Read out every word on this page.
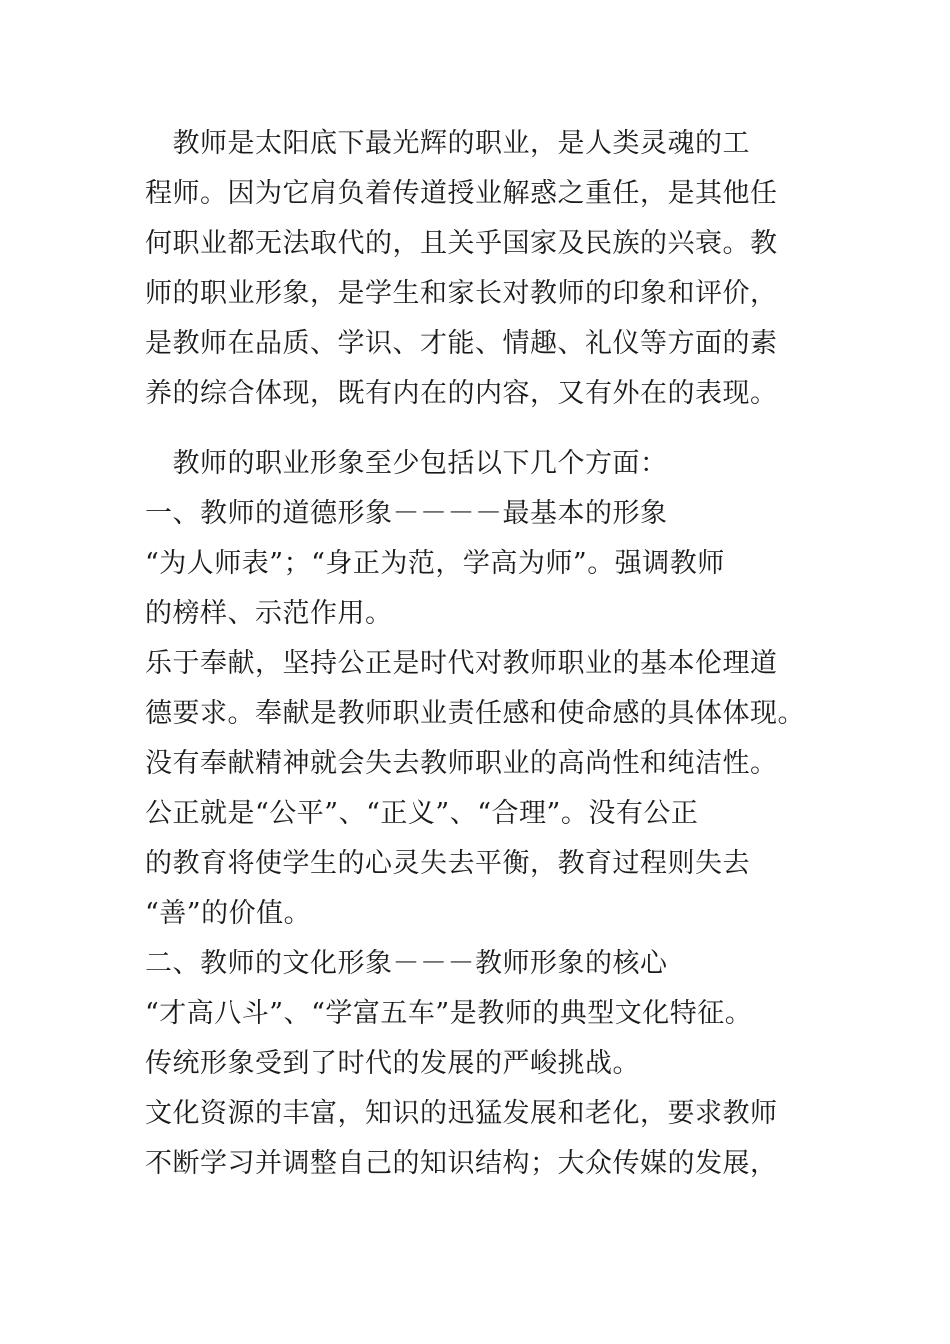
　教师是太阳底下最光辉的职业，是人类灵魂的工
程师。因为它肩负着传道授业解惑之重任，是其他任
何职业都无法取代的，且关乎国家及民族的兴衰。教
师的职业形象，是学生和家长对教师的印象和评价，
是教师在品质、学识、才能、情趣、礼仪等方面的素
养的综合体现，既有内在的内容，又有外在的表现。
　教师的职业形象至少包括以下几个方面：
一、教师的道德形象－－－－最基本的形象
“为人师表”；“身正为范，学高为师”。强调教师
的榜样、示范作用。
乐于奉献，坚持公正是时代对教师职业的基本伦理道
德要求。奉献是教师职业责任感和使命感的具体体现。
没有奉献精神就会失去教师职业的高尚性和纯洁性。
公正就是“公平”、“正义”、“合理”。没有公正
的教育将使学生的心灵失去平衡，教育过程则失去
“善”的价值。
二、教师的文化形象－－－教师形象的核心
“才高八斗”、“学富五车”是教师的典型文化特征。
传统形象受到了时代的发展的严峻挑战。
文化资源的丰富，知识的迅猛发展和老化，要求教师
不断学习并调整自己的知识结构；大众传媒的发展，
